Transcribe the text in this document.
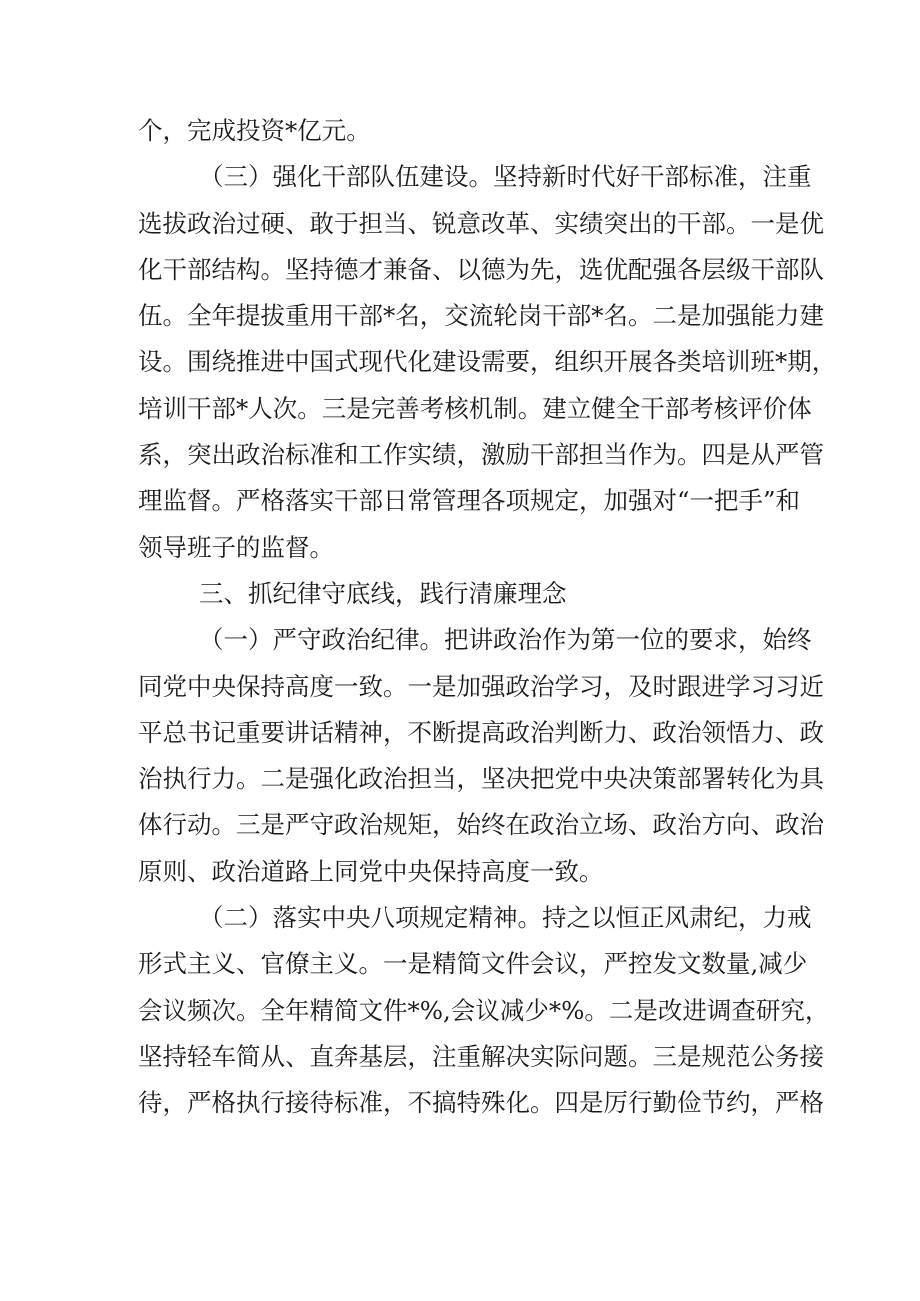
个，完成投资*亿元。
（三）强化干部队伍建设。坚持新时代好干部标准，注重
选拔政治过硬、敢于担当、锐意改革、实绩突出的干部。一是优
化干部结构。坚持德才兼备、以德为先，选优配强各层级干部队
伍。全年提拔重用干部*名，交流轮岗干部*名。二是加强能力建
设。围绕推进中国式现代化建设需要，组织开展各类培训班*期，
培训干部*人次。三是完善考核机制。建立健全干部考核评价体
系，突出政治标准和工作实绩，激励干部担当作为。四是从严管
理监督。严格落实干部日常管理各项规定，加强对“一把手”和
领导班子的监督。
三、抓纪律守底线，践行清廉理念
（一）严守政治纪律。把讲政治作为第一位的要求，始终
同党中央保持高度一致。一是加强政治学习，及时跟进学习习近
平总书记重要讲话精神，不断提高政治判断力、政治领悟力、政
治执行力。二是强化政治担当，坚决把党中央决策部署转化为具
体行动。三是严守政治规矩，始终在政治立场、政治方向、政治
原则、政治道路上同党中央保持高度一致。
（二）落实中央八项规定精神。持之以恒正风肃纪，力戒
形式主义、官僚主义。一是精简文件会议，严控发文数量,减少
会议频次。全年精简文件*%,会议减少*%。二是改进调查研究，
坚持轻车简从、直奔基层，注重解决实际问题。三是规范公务接
待，严格执行接待标准，不搞特殊化。四是厉行勤俭节约，严格
